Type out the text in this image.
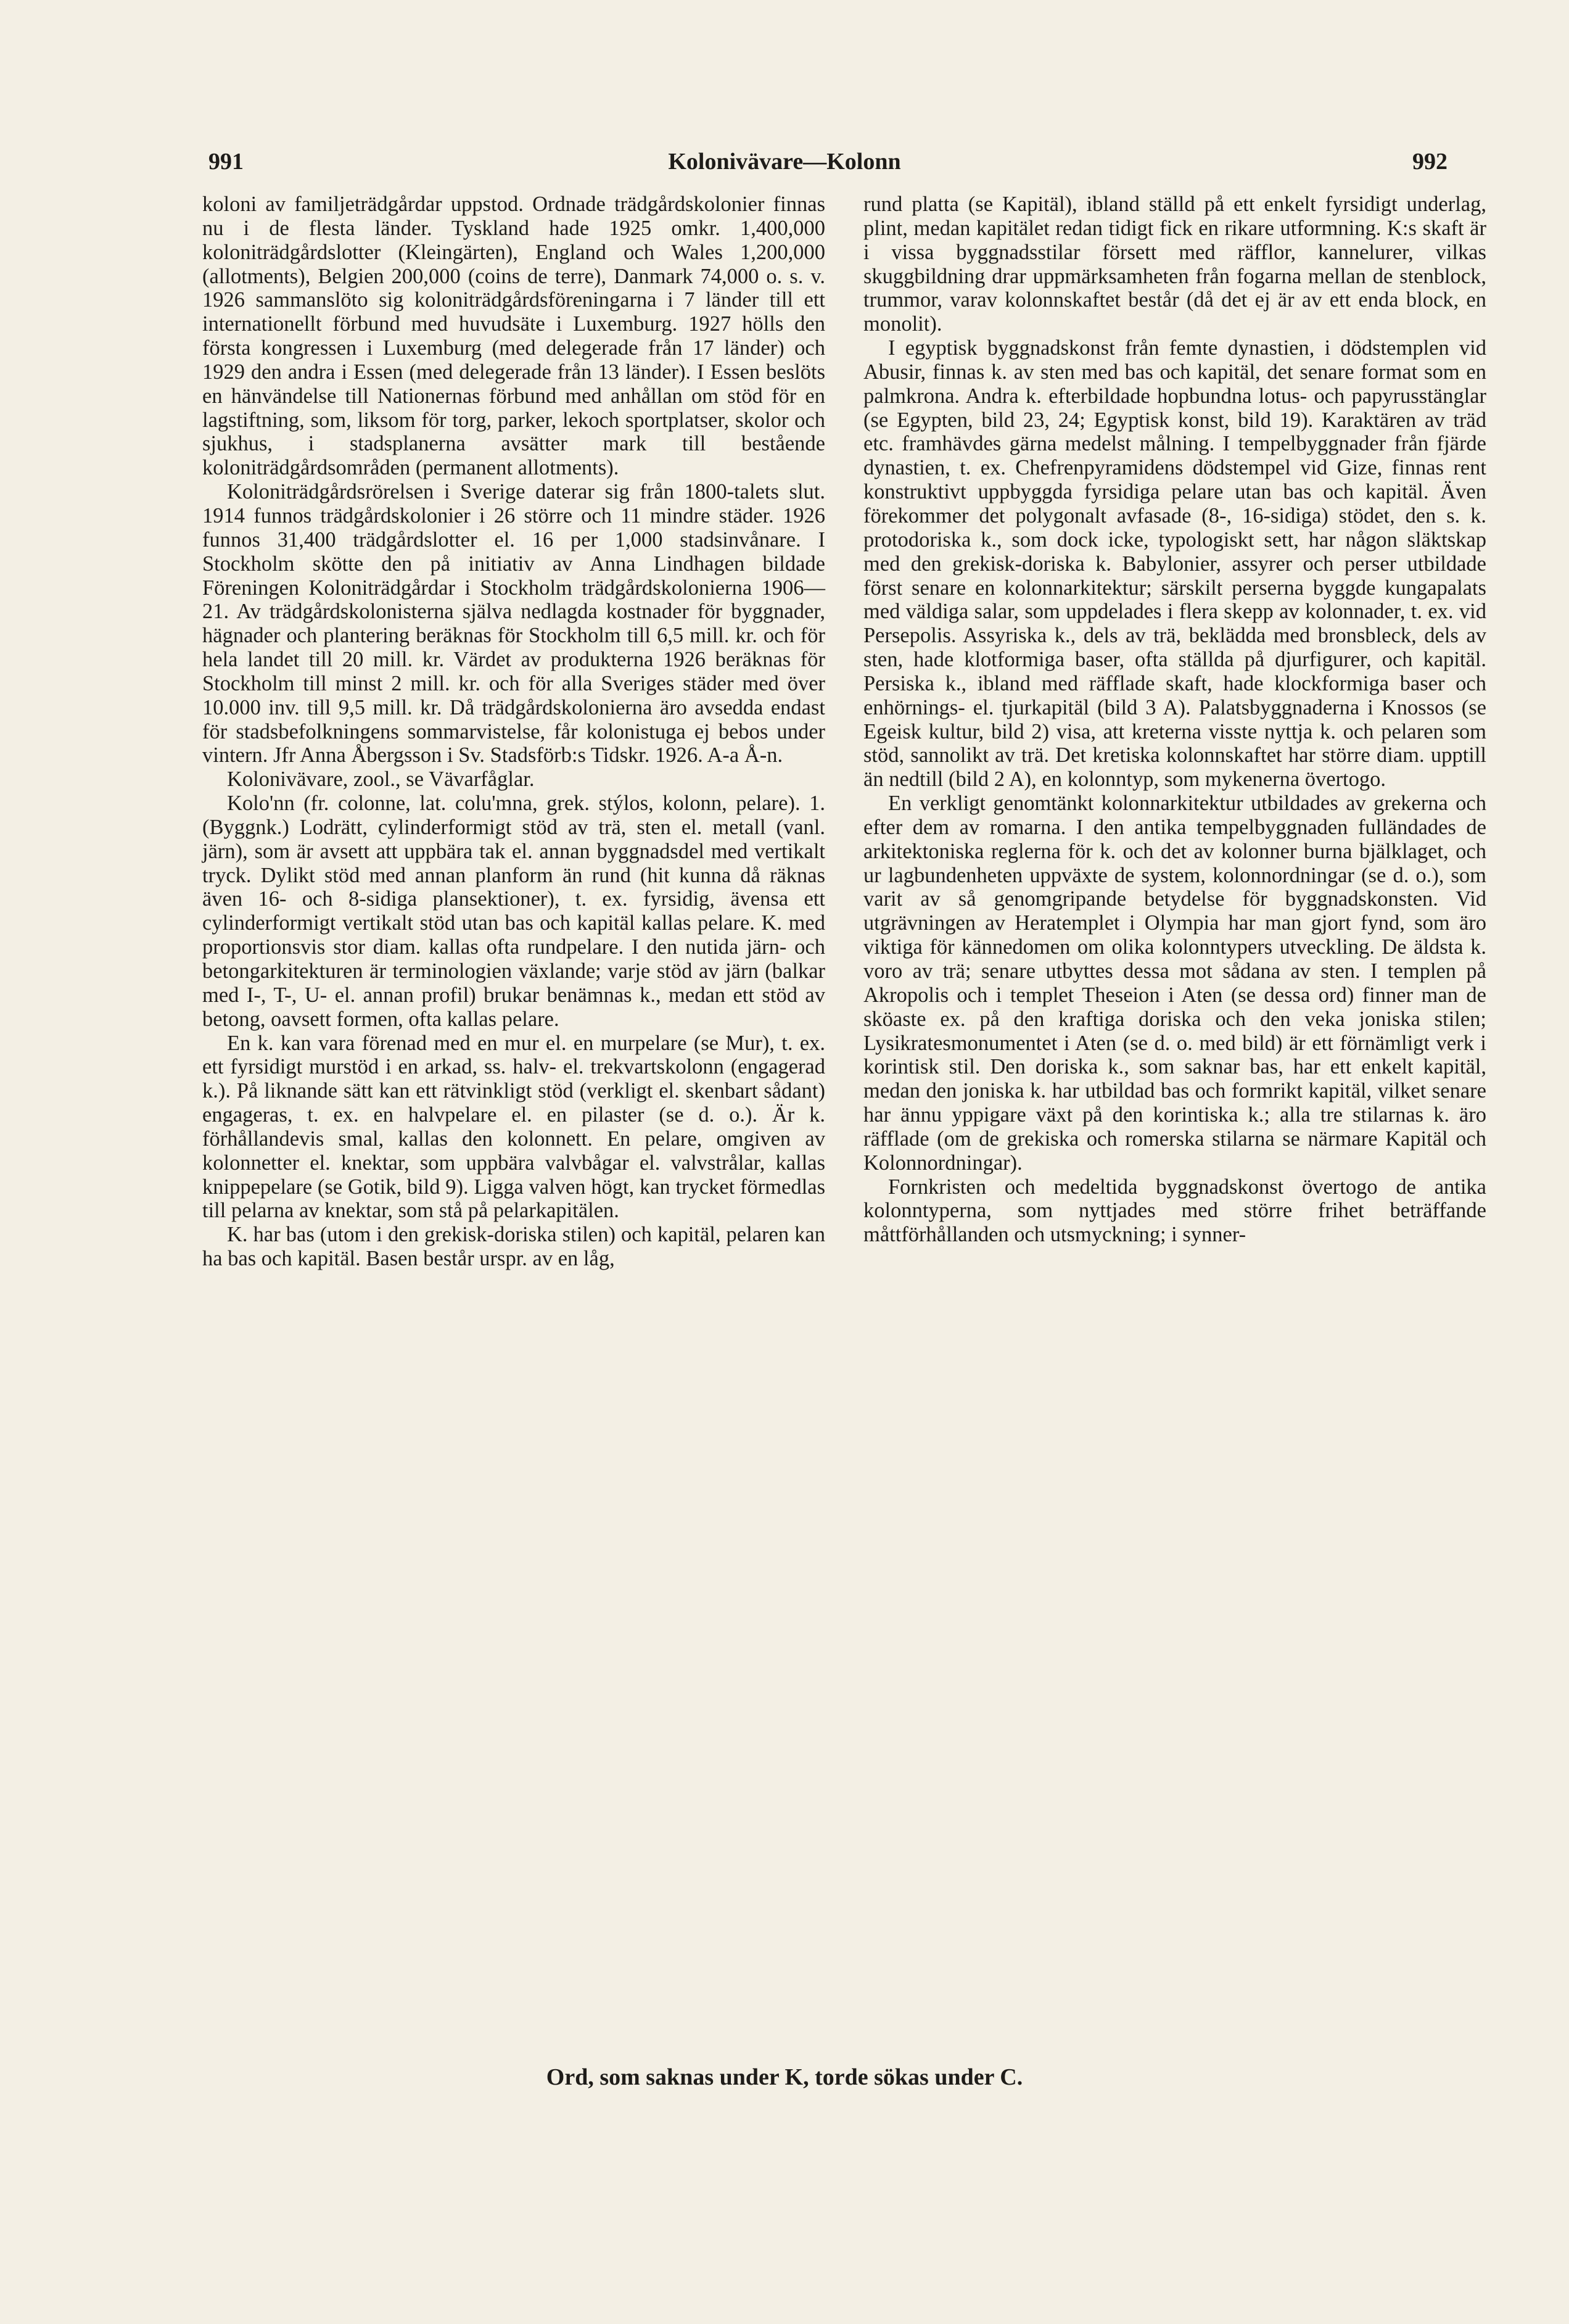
991	Kolonivävare—Kolonn	992

koloni av familjeträdgårdar uppstod. Ordnade trädgårdskolonier finnas nu i de flesta länder. Tyskland hade 1925 omkr. 1,400,000 koloniträdgårdslotter (Kleingärten), England och Wales 1,200,000 (allotments), Belgien 200,000 (coins de terre), Danmark 74,000 o. s. v. 1926 sammanslöto sig koloniträdgårdsföreningarna i 7 länder till ett internationellt förbund med huvudsäte i Luxemburg. 1927 hölls den första kongressen i Luxemburg (med delegerade från 17 länder) och 1929 den andra i Essen (med delegerade från 13 länder). I Essen beslöts en hänvändelse till Nationernas förbund med anhållan om stöd för en lagstiftning, som, liksom för torg, parker, lekoch sportplatser, skolor och sjukhus, i stadsplanerna avsätter mark till bestående koloniträdgårdsområden (permanent allotments).

Koloniträdgårdsrörelsen i Sverige daterar sig från 1800-talets slut. 1914 funnos trädgårdskolonier i 26 större och 11 mindre städer. 1926 funnos 31,400 trädgårdslotter el. 16 per 1,000 stadsinvånare. I Stockholm skötte den på initiativ av Anna Lindhagen bildade Föreningen Koloniträdgårdar i Stockholm trädgårdskolonierna 1906—21. Av trädgårdskolonisterna själva nedlagda kostnader för byggnader, hägnader och plantering beräknas för Stockholm till 6,5 mill. kr. och för hela landet till 20 mill. kr. Värdet av produkterna 1926 beräknas för Stockholm till minst 2 mill. kr. och för alla Sveriges städer med över 10.000 inv. till 9,5 mill. kr. Då trädgårdskolonierna äro avsedda endast för stadsbefolkningens sommarvistelse, får kolonistuga ej bebos under vintern. Jfr Anna Åbergsson i Sv. Stadsförb:s Tidskr. 1926. A-a Å-n.

Kolonivävare, zool., se Vävarfåglar.

Kolo'nn (fr. colonne, lat. colu'mna, grek. stýlos, kolonn, pelare). 1. (Byggnk.) Lodrätt, cylinderformigt stöd av trä, sten el. metall (vanl. järn), som är avsett att uppbära tak el. annan byggnadsdel med vertikalt tryck. Dylikt stöd med annan planform än rund (hit kunna då räknas även 16- och 8-sidiga plansektioner), t. ex. fyrsidig, ävensa ett cylinderformigt vertikalt stöd utan bas och kapitäl kallas pelare. K. med proportionsvis stor diam. kallas ofta rundpelare. I den nutida järn- och betongarkitekturen är terminologien växlande; varje stöd av järn (balkar med I-, T-, U- el. annan profil) brukar benämnas k., medan ett stöd av betong, oavsett formen, ofta kallas pelare.

En k. kan vara förenad med en mur el. en murpelare (se Mur), t. ex. ett fyrsidigt murstöd i en arkad, ss. halv- el. trekvartskolonn (engagerad k.). På liknande sätt kan ett rätvinkligt stöd (verkligt el. skenbart sådant) engageras, t. ex. en halvpelare el. en pilaster (se d. o.). Är k. förhållandevis smal, kallas den kolonnett. En pelare, omgiven av kolonnetter el. knektar, som uppbära valvbågar el. valvstrålar, kallas knippepelare (se Gotik, bild 9). Ligga valven högt, kan trycket förmedlas till pelarna av knektar, som stå på pelarkapitälen.

K. har bas (utom i den grekisk-doriska stilen) och kapitäl, pelaren kan ha bas och kapitäl. Basen består urspr. av en låg,

rund platta (se Kapitäl), ibland ställd på ett enkelt fyrsidigt underlag, plint, medan kapitälet redan tidigt fick en rikare utformning. K:s skaft är i vissa byggnadsstilar försett med räfflor, kannelurer, vilkas skuggbildning drar uppmärksamheten från fogarna mellan de stenblock, trummor, varav kolonnskaftet består (då det ej är av ett enda block, en monolit).

I egyptisk byggnadskonst från femte dynastien, i dödstemplen vid Abusir, finnas k. av sten med bas och kapitäl, det senare format som en palmkrona. Andra k. efterbildade hopbundna lotus- och papyrusstänglar (se Egypten, bild 23, 24; Egyptisk konst, bild 19). Karaktären av träd etc. framhävdes gärna medelst målning. I tempelbyggnader från fjärde dynastien, t. ex. Chefrenpyramidens dödstempel vid Gize, finnas rent konstruktivt uppbyggda fyrsidiga pelare utan bas och kapitäl. Även förekommer det polygonalt avfasade (8-, 16-sidiga) stödet, den s. k. protodoriska k., som dock icke, typologiskt sett, har någon släktskap med den grekisk-doriska k. Babylonier, assyrer och perser utbildade först senare en kolonnarkitektur; särskilt perserna byggde kungapalats med väldiga salar, som uppdelades i flera skepp av kolonnader, t. ex. vid Persepolis. Assyriska k., dels av trä, beklädda med bronsbleck, dels av sten, hade klotformiga baser, ofta ställda på djurfigurer, och kapitäl. Persiska k., ibland med räfflade skaft, hade klockformiga baser och enhörnings- el. tjurkapitäl (bild 3 A). Palatsbyggnaderna i Knossos (se Egeisk kultur, bild 2) visa, att kreterna visste nyttja k. och pelaren som stöd, sannolikt av trä. Det kretiska kolonnskaftet har större diam. upptill än nedtill (bild 2 A), en kolonntyp, som mykenerna övertogo.

En verkligt genomtänkt kolonnarkitektur utbildades av grekerna och efter dem av romarna. I den antika tempelbyggnaden fulländades de arkitektoniska reglerna för k. och det av kolonner burna bjälklaget, och ur lagbundenheten uppväxte de system, kolonnordningar (se d. o.), som varit av så genomgripande betydelse för byggnadskonsten. Vid utgrävningen av Heratemplet i Olympia har man gjort fynd, som äro viktiga för kännedomen om olika kolonntypers utveckling. De äldsta k. voro av trä; senare utbyttes dessa mot sådana av sten. I templen på Akropolis och i templet Theseion i Aten (se dessa ord) finner man de sköaste ex. på den kraftiga doriska och den veka joniska stilen; Lysikratesmonumentet i Aten (se d. o. med bild) är ett förnämligt verk i korintisk stil. Den doriska k., som saknar bas, har ett enkelt kapitäl, medan den joniska k. har utbildad bas och formrikt kapitäl, vilket senare har ännu yppigare växt på den korintiska k.; alla tre stilarnas k. äro räfflade (om de grekiska och romerska stilarna se närmare Kapitäl och Kolonnordningar).

Fornkristen och medeltida byggnadskonst övertogo de antika kolonntyperna, som nyttjades med större frihet beträffande måttförhållanden och utsmyckning; i synner-

Ord, som saknas under K, torde sökas under C.
